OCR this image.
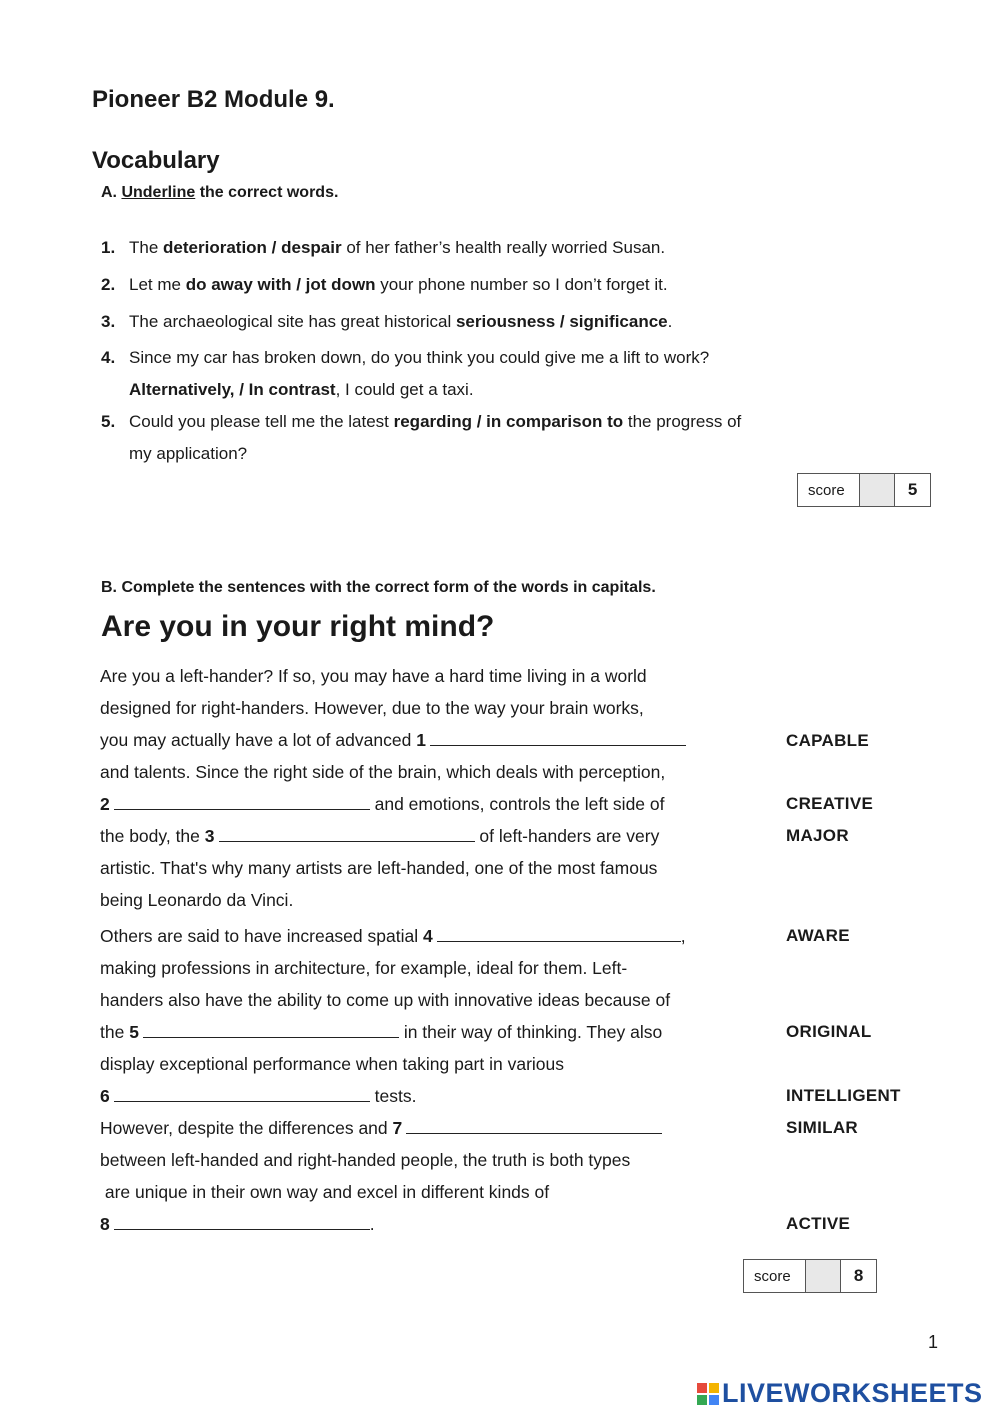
Pioneer B2 Module 9.
Vocabulary
A. Underline the correct words.
1. The deterioration / despair of her father’s health really worried Susan.
2. Let me do away with / jot down your phone number so I don’t forget it.
3. The archaeological site has great historical seriousness / significance.
4. Since my car has broken down, do you think you could give me a lift to work?
Alternatively, / In contrast, I could get a taxi.
5. Could you please tell me the latest regarding / in comparison to the progress of
my application?
score	5
B. Complete the sentences with the correct form of the words in capitals.
Are you in your right mind?
Are you a left-hander? If so, you may have a hard time living in a world
designed for right-handers. However, due to the way your brain works,
you may actually have a lot of advanced 1	CAPABLE
and talents. Since the right side of the brain, which deals with perception,
2	and emotions, controls the left side of	CREATIVE
the body, the 3	of left-handers are very	MAJOR
artistic. That's why many artists are left-handed, one of the most famous
being Leonardo da Vinci.
Others are said to have increased spatial 4	,	AWARE
making professions in architecture, for example, ideal for them. Left-
handers also have the ability to come up with innovative ideas because of
the 5	in their way of thinking. They also	ORIGINAL
display exceptional performance when taking part in various
6	tests.	INTELLIGENT
However, despite the differences and 7	SIMILAR
between left-handed and right-handed people, the truth is both types
are unique in their own way and excel in different kinds of
8	.	ACTIVE
score	8
1
LIVEWORKSHEETS
